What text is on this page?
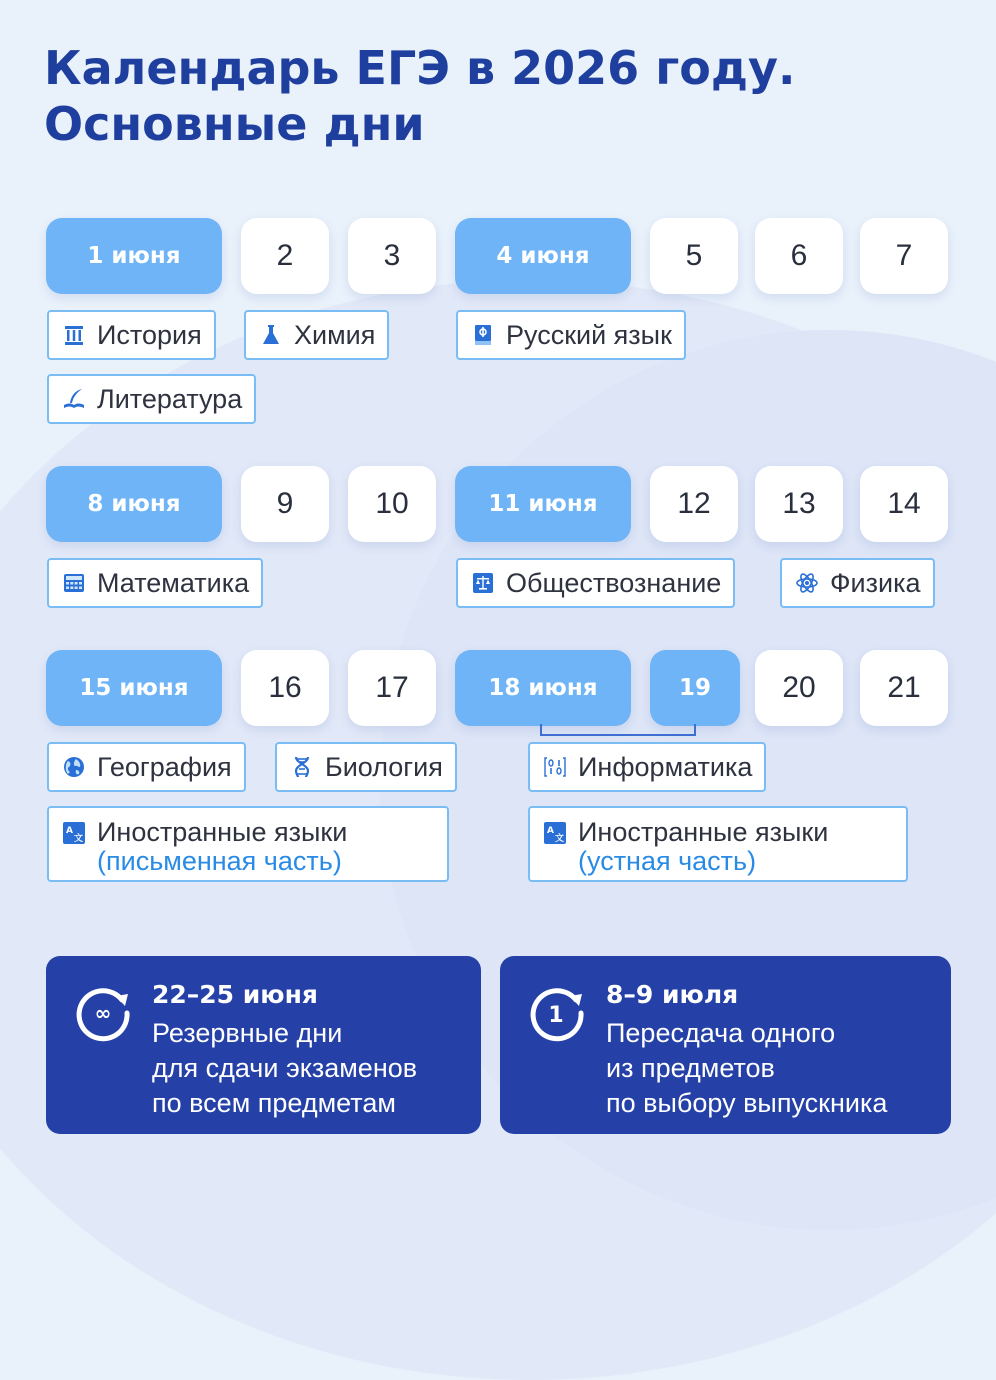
Календарь ЕГЭ в 2026 году.
Основные дни
1 июня	2	3	4 июня	5	6	7
История	Химия
Литература
Русский язык
8 июня	9	10	11 июня	12	13	14
Математика	Обществознание	Физика
15 июня	16	17	18 июня	19	20	21
География	Биология
A
文 Иностранные языки
(письменная часть)
Информатика
A
文 Иностранные языки
(устная часть)
∞
22–25 июня
Резервные дни
для сдачи экзаменов
по всем предметам
1
8–9 июля
Пересдача одного
из предметов
по выбору выпускника
